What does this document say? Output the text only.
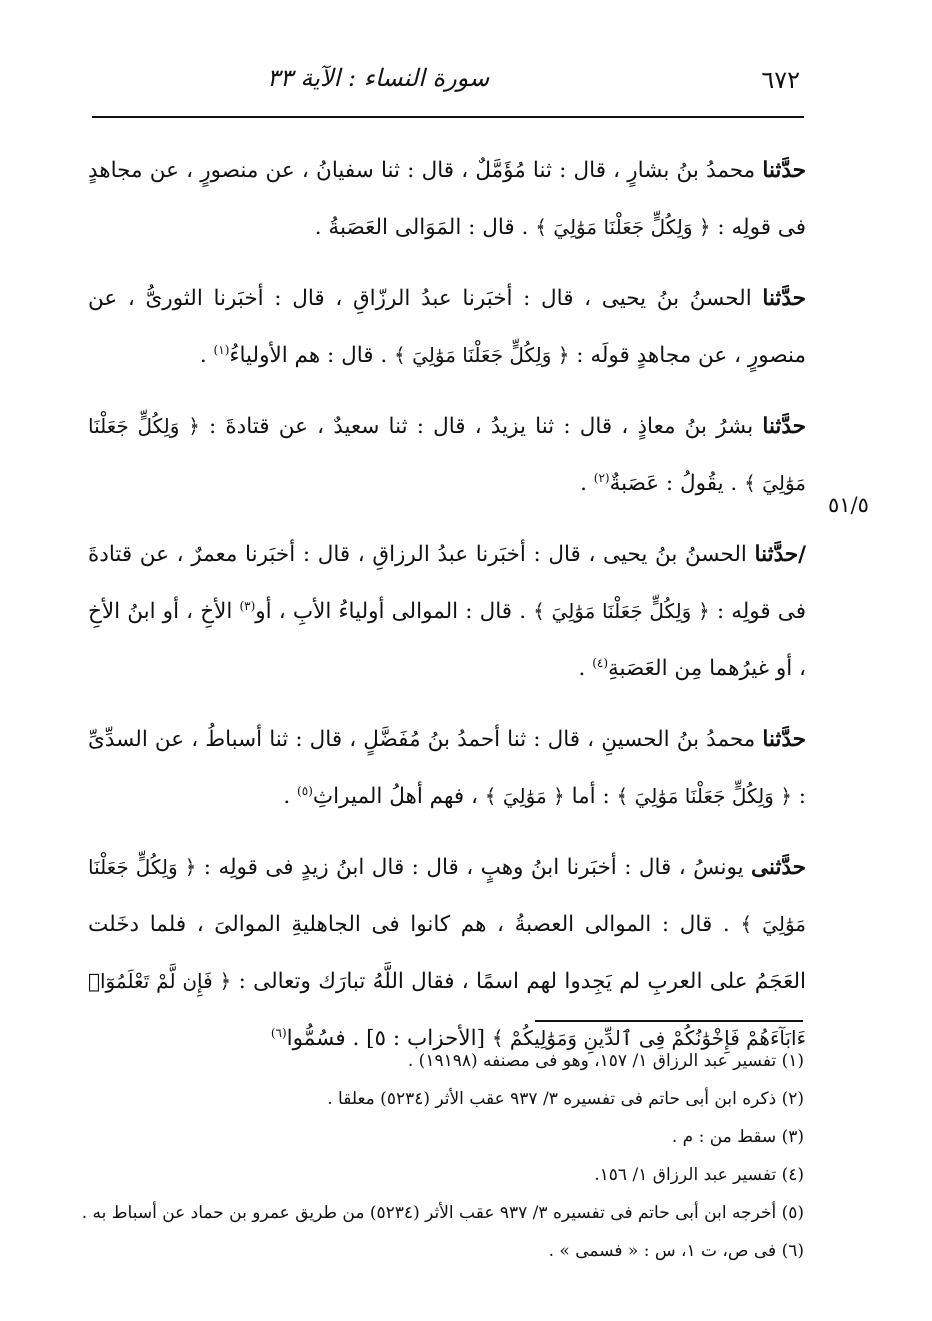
٦٧٢
سورة النساء : الآية ٣٣
٥١/٥

حدَّثنا محمدُ بنُ بشارٍ ، قال : ثنا مُؤَمَّلٌ ، قال : ثنا سفيانُ ، عن منصورٍ ، عن مجاهدٍ فى قولِه : ﴿ وَلِكُلٍّ جَعَلْنَا مَوَٰلِيَ ﴾ . قال : المَوَالى العَصَبةُ .

حدَّثنا الحسنُ بنُ يحيى ، قال : أخبَرنا عبدُ الرزّاقِ ، قال : أخبَرنا الثورىُّ ، عن منصورٍ ، عن مجاهدٍ قولَه : ﴿ وَلِكُلٍّ جَعَلْنَا مَوَٰلِيَ ﴾ . قال : هم الأولياءُ$^{(١)}$ .

حدَّثنا بشرُ بنُ معاذٍ ، قال : ثنا يزيدُ ، قال : ثنا سعيدٌ ، عن قتادةَ : ﴿ وَلِكُلٍّ جَعَلْنَا مَوَٰلِيَ ﴾ . يقُولُ : عَصَبةٌ$^{(٢)}$ .

/حدَّثنا الحسنُ بنُ يحيى ، قال : أخبَرنا عبدُ الرزاقِ ، قال : أخبَرنا معمرٌ ، عن قتادةَ فى قولِه : ﴿ وَلِكُلٍّ جَعَلْنَا مَوَٰلِيَ ﴾ . قال : الموالى أولياءُ الأبِ ، أو$^{(٣)}$ الأخِ ، أو ابنُ الأخِ ، أو غيرُهما مِن العَصَبةِ$^{(٤)}$ .

حدَّثنا محمدُ بنُ الحسينِ ، قال : ثنا أحمدُ بنُ مُفَضَّلٍ ، قال : ثنا أسباطُ ، عن السدِّىِّ : ﴿ وَلِكُلٍّ جَعَلْنَا مَوَٰلِيَ ﴾ : أما ﴿ مَوَٰلِيَ ﴾ ، فهم أهلُ الميراثِ$^{(٥)}$ .

حدَّثنى يونسُ ، قال : أخبَرنا ابنُ وهبٍ ، قال : قال ابنُ زيدٍ فى قولِه : ﴿ وَلِكُلٍّ جَعَلْنَا مَوَٰلِيَ ﴾ . قال : الموالى العصبةُ ، هم كانوا فى الجاهليةِ الموالىَ ، فلما دخَلت العَجَمُ على العربِ لم يَجِدوا لهم اسمًا ، فقال اللَّهُ تبارَك وتعالى : ﴿ فَإِن لَّمْ تَعْلَمُوٓا۟ ءَابَآءَهُمْ فَإِخْوَٰنُكُمْ فِى ٱلدِّينِ وَمَوَٰلِيكُمْ ﴾ [الأحزاب : ٥] . فسُمُّوا$^{(٦)}$

(١) تفسير عبد الرزاق ١/ ١٥٧، وهو فى مصنفه (١٩١٩٨) .

(٢) ذكره ابن أبى حاتم فى تفسيره ٣/ ٩٣٧ عقب الأثر (٥٢٣٤) معلقا .

(٣) سقط من : م .

(٤) تفسير عبد الرزاق ١/ ١٥٦.

(٥) أخرجه ابن أبى حاتم فى تفسيره ٣/ ٩٣٧ عقب الأثر (٥٢٣٤) من طريق عمرو بن حماد عن أسباط به .

(٦) فى ص، ت ١، س : « فسمى » .
